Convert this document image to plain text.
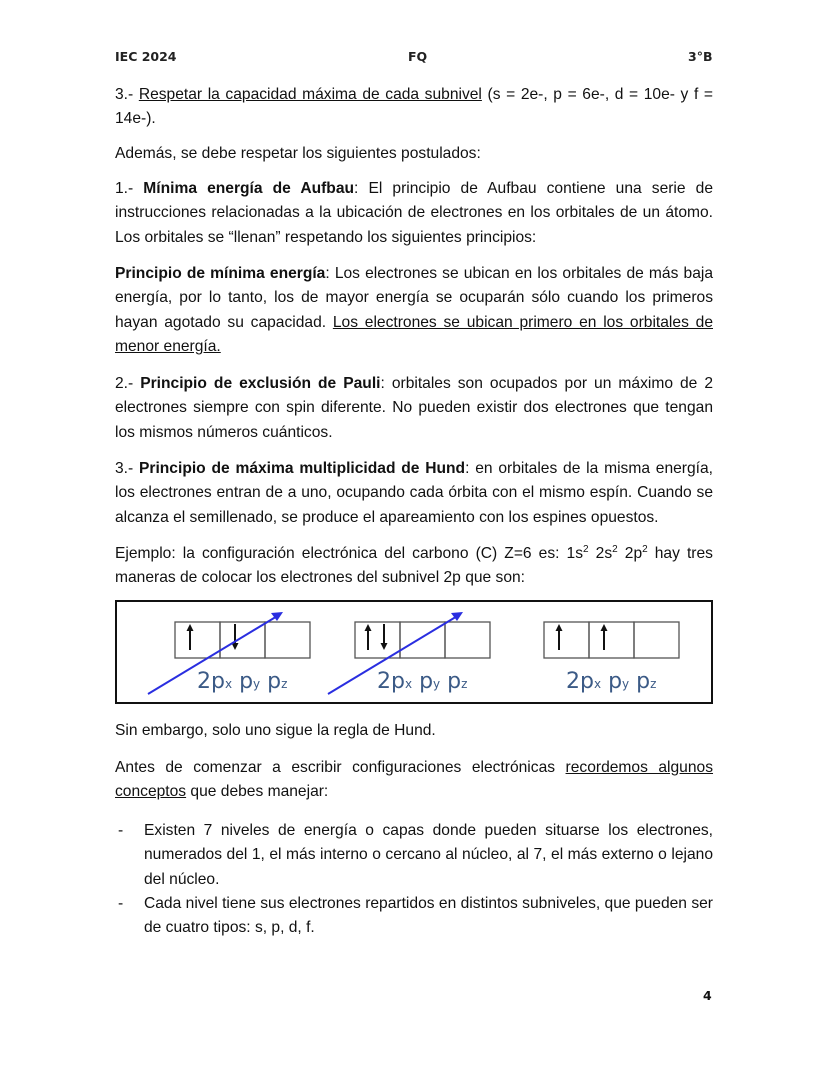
IEC 2024	FQ	3°B

3.- Respetar la capacidad máxima de cada subnivel (s = 2e-, p = 6e-, d = 10e- y f = 14e-).

Además, se debe respetar los siguientes postulados:

1.- Mínima energía de Aufbau: El principio de Aufbau contiene una serie de instrucciones relacionadas a la ubicación de electrones en los orbitales de un átomo. Los orbitales se “llenan” respetando los siguientes principios:

Principio de mínima energía: Los electrones se ubican en los orbitales de más baja energía, por lo tanto, los de mayor energía se ocuparán sólo cuando los primeros hayan agotado su capacidad. Los electrones se ubican primero en los orbitales de menor energía.

2.- Principio de exclusión de Pauli: orbitales son ocupados por un máximo de 2 electrones siempre con spin diferente. No pueden existir dos electrones que tengan los mismos números cuánticos.

3.- Principio de máxima multiplicidad de Hund: en orbitales de la misma energía, los electrones entran de a uno, ocupando cada órbita con el mismo espín. Cuando se alcanza el semillenado, se produce el apareamiento con los espines opuestos.

Ejemplo: la configuración electrónica del carbono (C) Z=6 es: $1s^2$ $2s^2$ $2p^2$ hay tres maneras de colocar los electrones del subnivel 2p que son:

2px py pz	2px py pz	2px py pz

Sin embargo, solo uno sigue la regla de Hund.

Antes de comenzar a escribir configuraciones electrónicas recordemos algunos conceptos que debes manejar:

- Existen 7 niveles de energía o capas donde pueden situarse los electrones, numerados del 1, el más interno o cercano al núcleo, al 7, el más externo o lejano del núcleo.
- Cada nivel tiene sus electrones repartidos en distintos subniveles, que pueden ser de cuatro tipos: s, p, d, f.
4
